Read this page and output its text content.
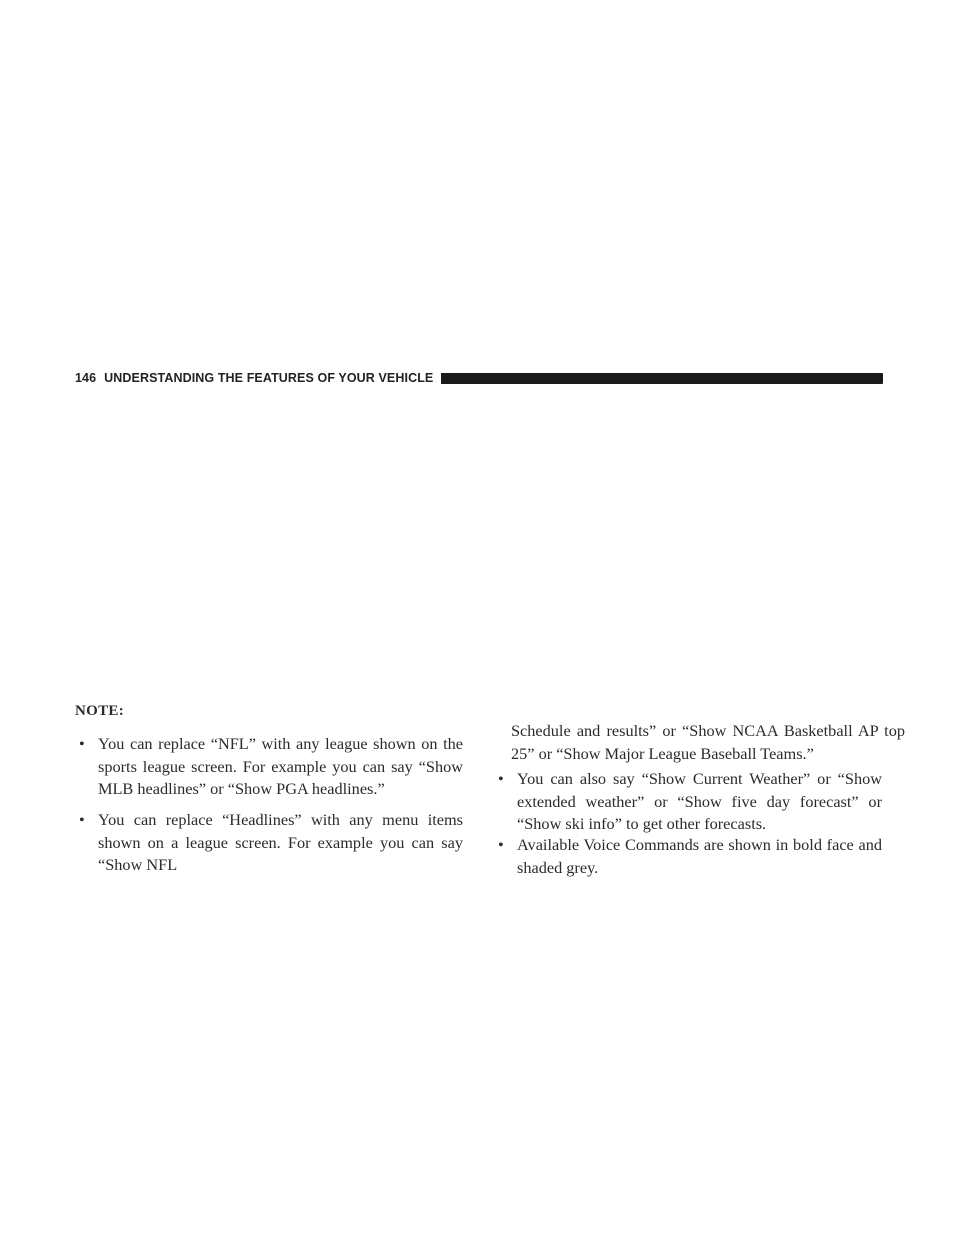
146 UNDERSTANDING THE FEATURES OF YOUR VEHICLE
NOTE:
• You can replace “NFL” with any league shown on the sports league screen. For example you can say “Show MLB headlines” or “Show PGA headlines.”
• You can replace “Headlines” with any menu items shown on a league screen. For example you can say “Show NFL
Schedule and results” or “Show NCAA Basketball AP top 25” or “Show Major League Baseball Teams.”
• You can also say “Show Current Weather” or “Show extended weather” or “Show five day forecast” or “Show ski info” to get other forecasts.
• Available Voice Commands are shown in bold face and shaded grey.
